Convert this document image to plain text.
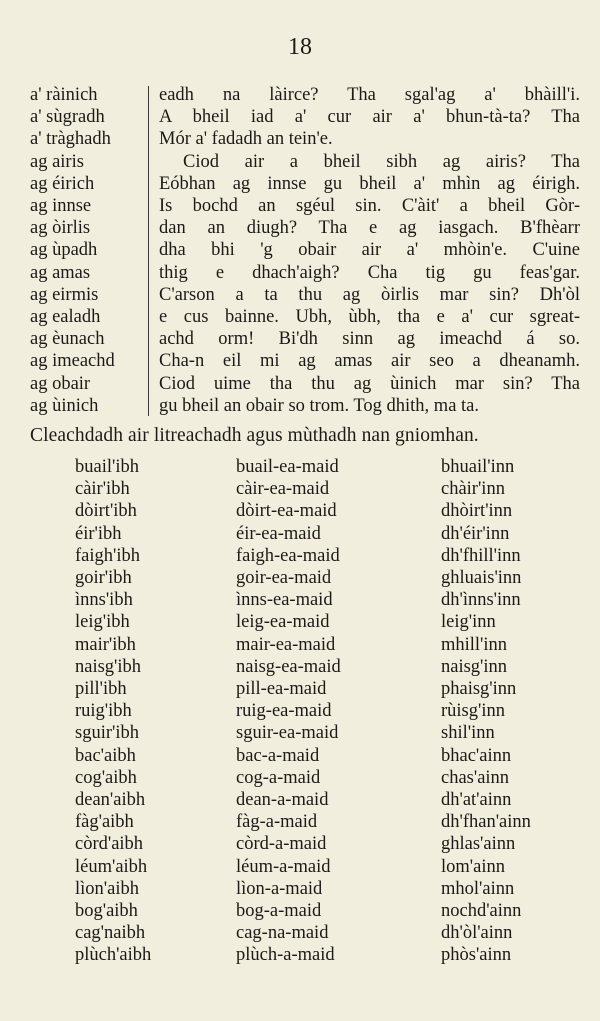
18
a' ràinich
a' sùgradh
a' tràghadh
ag airis
ag éirich
ag innse
ag òirlis
ag ùpadh
ag amas
ag eirmis
ag ealadh
ag èunach
ag imeachd
ag obair
ag ùinich
eadh na làirce? Tha sgal'ag a' bhàill'i.
A bheil iad a' cur air a' bhun-tà-ta? Tha
Mór a' fadadh an tein'e.
Ciod air a bheil sibh ag airis? Tha
Eóbhan ag innse gu bheil a' mhìn ag éirigh.
Is bochd an sgéul sin. C'àit' a bheil Gòr-
dan an diugh? Tha e ag iasgach. B'fhèarr
dha bhi 'g obair air a' mhòin'e. C'uine
thig e dhach'aigh? Cha tig gu feas'gar.
C'arson a ta thu ag òirlis mar sin? Dh'òl
e cus bainne. Ubh, ùbh, tha e a' cur sgreat-
achd orm! Bi'dh sinn ag imeachd á so.
Cha-n eil mi ag amas air seo a dheanamh.
Ciod uime tha thu ag ùinich mar sin? Tha
gu bheil an obair so trom. Tog dhith, ma ta.
Cleachdadh air litreachadh agus mùthadh nan gniomhan.
buail'ibh
càir'ibh
dòirt'ibh
éir'ibh
faigh'ibh
goir'ibh
ìnns'ibh
leig'ibh
mair'ibh
naisg'ibh
pill'ibh
ruig'ibh
sguir'ibh
bac'aibh
cog'aibh
dean'aibh
fàg'aibh
còrd'aibh
léum'aibh
lìon'aibh
bog'aibh
cag'naibh
plùch'aibh
buail-ea-maid
càir-ea-maid
dòirt-ea-maid
éir-ea-maid
faigh-ea-maid
goir-ea-maid
ìnns-ea-maid
leig-ea-maid
mair-ea-maid
naisg-ea-maid
pill-ea-maid
ruig-ea-maid
sguir-ea-maid
bac-a-maid
cog-a-maid
dean-a-maid
fàg-a-maid
còrd-a-maid
léum-a-maid
lìon-a-maid
bog-a-maid
cag-na-maid
plùch-a-maid
bhuail'inn
chàir'inn
dhòirt'inn
dh'éir'inn
dh'fhill'inn
ghluais'inn
dh'ìnns'inn
leig'inn
mhill'inn
naisg'inn
phaisg'inn
rùisg'inn
shil'inn
bhac'ainn
chas'ainn
dh'at'ainn
dh'fhan'ainn
ghlas'ainn
lom'ainn
mhol'ainn
nochd'ainn
dh'òl'ainn
phòs'ainn
